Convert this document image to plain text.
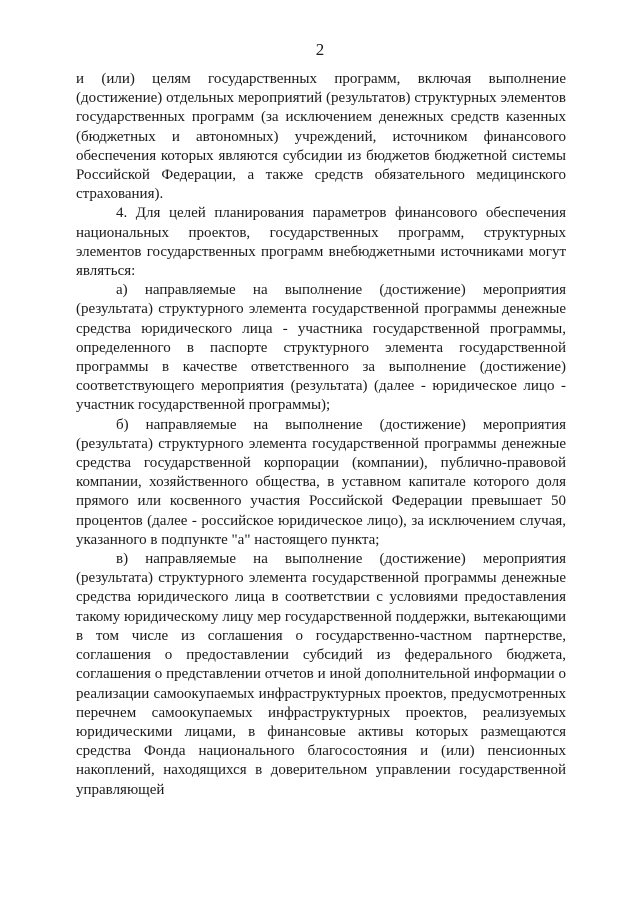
2

и (или) целям государственных программ, включая выполнение (достижение) отдельных мероприятий (результатов) структурных элементов государственных программ (за исключением денежных средств казенных (бюджетных и автономных) учреждений, источником финансового обеспечения которых являются субсидии из бюджетов бюджетной системы Российской Федерации, а также средств обязательного медицинского страхования).

4. Для целей планирования параметров финансового обеспечения национальных проектов, государственных программ, структурных элементов государственных программ внебюджетными источниками могут являться:

а) направляемые на выполнение (достижение) мероприятия (результата) структурного элемента государственной программы денежные средства юридического лица - участника государственной программы, определенного в паспорте структурного элемента государственной программы в качестве ответственного за выполнение (достижение) соответствующего мероприятия (результата) (далее - юридическое лицо - участник государственной программы);

б) направляемые на выполнение (достижение) мероприятия (результата) структурного элемента государственной программы денежные средства государственной корпорации (компании), публично-правовой компании, хозяйственного общества, в уставном капитале которого доля прямого или косвенного участия Российской Федерации превышает 50 процентов (далее - российское юридическое лицо), за исключением случая, указанного в подпункте "а" настоящего пункта;

в) направляемые на выполнение (достижение) мероприятия (результата) структурного элемента государственной программы денежные средства юридического лица в соответствии с условиями предоставления такому юридическому лицу мер государственной поддержки, вытекающими в том числе из соглашения о государственно-частном партнерстве, соглашения о предоставлении субсидий из федерального бюджета, соглашения о представлении отчетов и иной дополнительной информации о реализации самоокупаемых инфраструктурных проектов, предусмотренных перечнем самоокупаемых инфраструктурных проектов, реализуемых юридическими лицами, в финансовые активы которых размещаются средства Фонда национального благосостояния и (или) пенсионных накоплений, находящихся в доверительном управлении государственной управляющей
